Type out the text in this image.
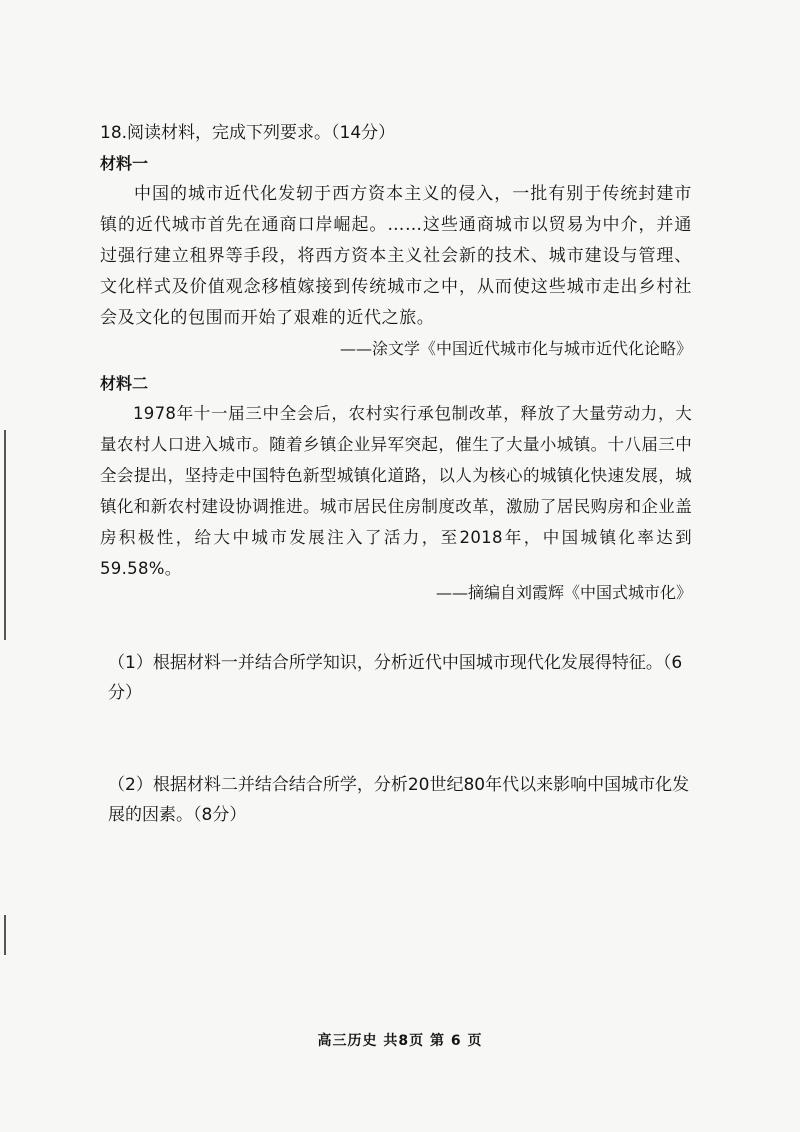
18.阅读材料，完成下列要求。（14分）
材料一

中国的城市近代化发轫于西方资本主义的侵入，一批有别于传统封建市镇的近代城市首先在通商口岸崛起。……这些通商城市以贸易为中介，并通过强行建立租界等手段，将西方资本主义社会新的技术、城市建设与管理、文化样式及价值观念移植嫁接到传统城市之中，从而使这些城市走出乡村社会及文化的包围而开始了艰难的近代之旅。

——涂文学《中国近代城市化与城市近代化论略》
材料二

1978年十一届三中全会后，农村实行承包制改革，释放了大量劳动力，大量农村人口进入城市。随着乡镇企业异军突起，催生了大量小城镇。十八届三中全会提出，坚持走中国特色新型城镇化道路，以人为核心的城镇化快速发展，城镇化和新农村建设协调推进。城市居民住房制度改革，激励了居民购房和企业盖房积极性，给大中城市发展注入了活力，至2018年，中国城镇化率达到59.58%。

——摘编自刘霞辉《中国式城市化》

（1）根据材料一并结合所学知识，分析近代中国城市现代化发展得特征。（6分）

（2）根据材料二并结合结合所学，分析20世纪80年代以来影响中国城市化发展的因素。（8分）

高三历史 共8页 第 6 页
